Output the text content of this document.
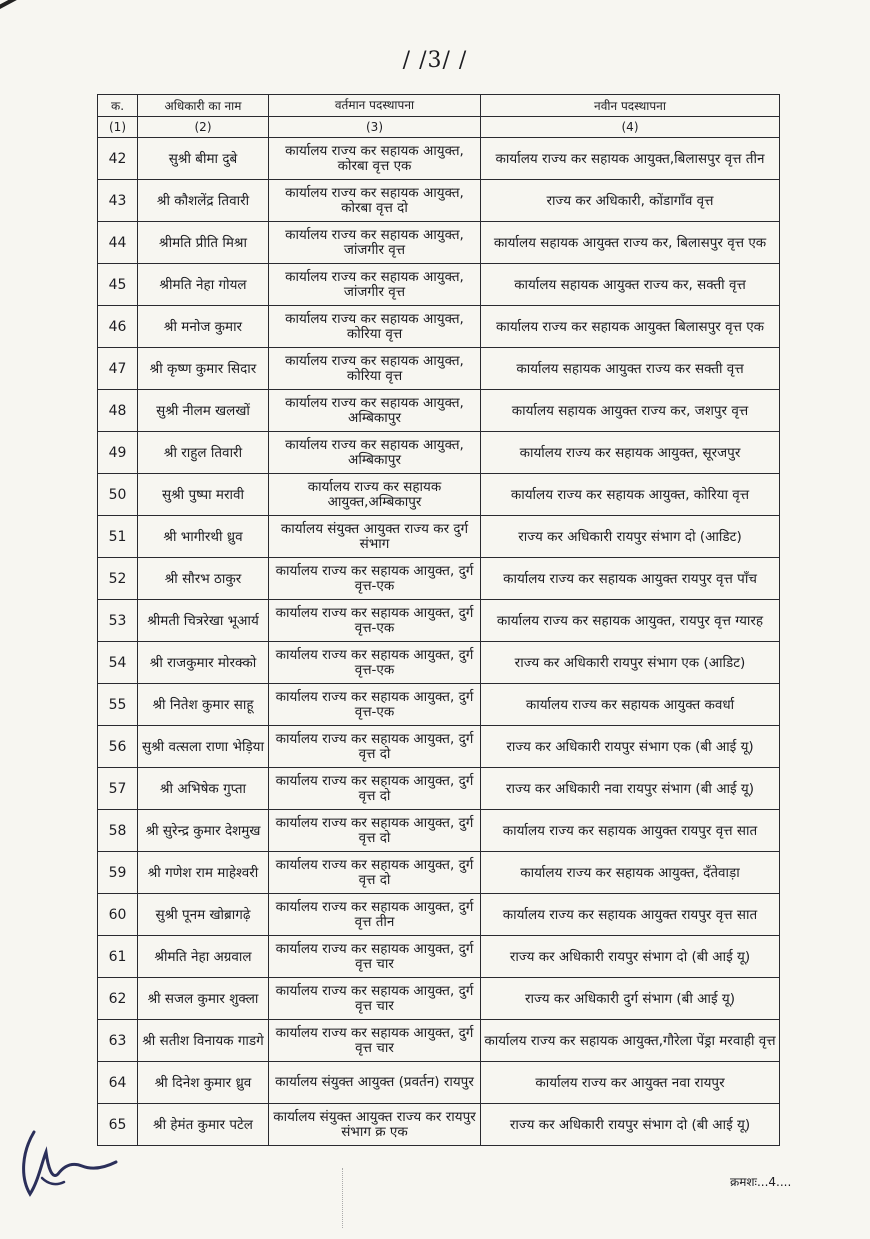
/ /3/ /
क.	अधिकारी का नाम	वर्तमान पदस्थापना	नवीन पदस्थापना
(1)	(2)	(3)	(4)
42	सुश्री बीमा दुबे	कार्यालय राज्य कर सहायक आयुक्त, कोरबा वृत्त एक	कार्यालय राज्य कर सहायक आयुक्त,बिलासपुर वृत्त तीन
43	श्री कौशलेंद्र तिवारी	कार्यालय राज्य कर सहायक आयुक्त, कोरबा वृत्त दो	राज्य कर अधिकारी, कोंडागाँव वृत्त
44	श्रीमति प्रीति मिश्रा	कार्यालय राज्य कर सहायक आयुक्त, जांजगीर वृत्त	कार्यालय सहायक आयुक्त राज्य कर, बिलासपुर वृत्त एक
45	श्रीमति नेहा गोयल	कार्यालय राज्य कर सहायक आयुक्त, जांजगीर वृत्त	कार्यालय सहायक आयुक्त राज्य कर, सक्ती वृत्त
46	श्री मनोज कुमार	कार्यालय राज्य कर सहायक आयुक्त, कोरिया वृत्त	कार्यालय राज्य कर सहायक आयुक्त बिलासपुर वृत्त एक
47	श्री कृष्ण कुमार सिदार	कार्यालय राज्य कर सहायक आयुक्त, कोरिया वृत्त	कार्यालय सहायक आयुक्त राज्य कर सक्ती वृत्त
48	सुश्री नीलम खलखों	कार्यालय राज्य कर सहायक आयुक्त, अम्बिकापुर	कार्यालय सहायक आयुक्त राज्य कर, जशपुर वृत्त
49	श्री राहुल तिवारी	कार्यालय राज्य कर सहायक आयुक्त, अम्बिकापुर	कार्यालय राज्य कर सहायक आयुक्त, सूरजपुर
50	सुश्री पुष्पा मरावी	कार्यालय राज्य कर सहायक आयुक्त,अम्बिकापुर	कार्यालय राज्य कर सहायक आयुक्त, कोरिया वृत्त
51	श्री भागीरथी ध्रुव	कार्यालय संयुक्त आयुक्त राज्य कर दुर्ग संभाग	राज्य कर अधिकारी रायपुर संभाग दो (आडिट)
52	श्री सौरभ ठाकुर	कार्यालय राज्य कर सहायक आयुक्त, दुर्ग वृत्त-एक	कार्यालय राज्य कर सहायक आयुक्त रायपुर वृत्त पाँच
53	श्रीमती चित्ररेखा भूआर्य	कार्यालय राज्य कर सहायक आयुक्त, दुर्ग वृत्त-एक	कार्यालय राज्य कर सहायक आयुक्त, रायपुर वृत्त ग्यारह
54	श्री राजकुमार मोरक्को	कार्यालय राज्य कर सहायक आयुक्त, दुर्ग वृत्त-एक	राज्य कर अधिकारी रायपुर संभाग एक (आडिट)
55	श्री नितेश कुमार साहू	कार्यालय राज्य कर सहायक आयुक्त, दुर्ग वृत्त-एक	कार्यालय राज्य कर सहायक आयुक्त कवर्धा
56	सुश्री वत्सला राणा भेड़िया	कार्यालय राज्य कर सहायक आयुक्त, दुर्ग वृत्त दो	राज्य कर अधिकारी रायपुर संभाग एक (बी आई यू)
57	श्री अभिषेक गुप्ता	कार्यालय राज्य कर सहायक आयुक्त, दुर्ग वृत्त दो	राज्य कर अधिकारी नवा रायपुर संभाग (बी आई यू)
58	श्री सुरेन्द्र कुमार देशमुख	कार्यालय राज्य कर सहायक आयुक्त, दुर्ग वृत्त दो	कार्यालय राज्य कर सहायक आयुक्त रायपुर वृत्त सात
59	श्री गणेश राम माहेश्वरी	कार्यालय राज्य कर सहायक आयुक्त, दुर्ग वृत्त दो	कार्यालय राज्य कर सहायक आयुक्त, दँतेवाड़ा
60	सुश्री पूनम खोब्रागढ़े	कार्यालय राज्य कर सहायक आयुक्त, दुर्ग वृत्त तीन	कार्यालय राज्य कर सहायक आयुक्त रायपुर वृत्त सात
61	श्रीमति नेहा अग्रवाल	कार्यालय राज्य कर सहायक आयुक्त, दुर्ग वृत्त चार	राज्य कर अधिकारी रायपुर संभाग दो (बी आई यू)
62	श्री सजल कुमार शुक्ला	कार्यालय राज्य कर सहायक आयुक्त, दुर्ग वृत्त चार	राज्य कर अधिकारी दुर्ग संभाग (बी आई यू)
63	श्री सतीश विनायक गाडगे	कार्यालय राज्य कर सहायक आयुक्त, दुर्ग वृत्त चार	कार्यालय राज्य कर सहायक आयुक्त,गौरेला पेंड्रा मरवाही वृत्त
64	श्री दिनेश कुमार ध्रुव	कार्यालय संयुक्त आयुक्त (प्रवर्तन) रायपुर	कार्यालय राज्य कर आयुक्त नवा रायपुर
65	श्री हेमंत कुमार पटेल	कार्यालय संयुक्त आयुक्त राज्य कर रायपुर संभाग क्र एक	राज्य कर अधिकारी रायपुर संभाग दो (बी आई यू)
क्रमशः...4....
